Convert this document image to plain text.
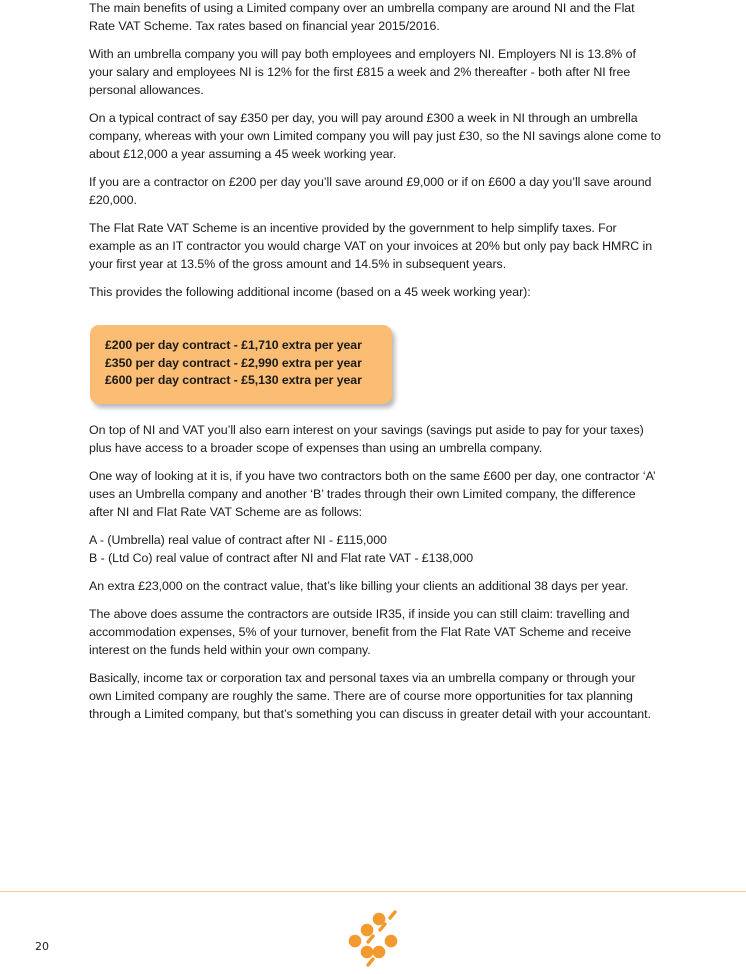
The main benefits of using a Limited company over an umbrella company are around NI and the Flat Rate VAT Scheme. Tax rates based on financial year 2015/2016.

With an umbrella company you will pay both employees and employers NI. Employers NI is 13.8% of your salary and employees NI is 12% for the first £815 a week and 2% thereafter - both after NI free personal allowances.

On a typical contract of say £350 per day, you will pay around £300 a week in NI through an umbrella company, whereas with your own Limited company you will pay just £30, so the NI savings alone come to about £12,000 a year assuming a 45 week working year.

If you are a contractor on £200 per day you’ll save around £9,000 or if on £600 a day you’ll save around £20,000.

The Flat Rate VAT Scheme is an incentive provided by the government to help simplify taxes. For example as an IT contractor you would charge VAT on your invoices at 20% but only pay back HMRC in your first year at 13.5% of the gross amount and 14.5% in subsequent years.

This provides the following additional income (based on a 45 week working year):

£200 per day contract - £1,710 extra per year
£350 per day contract - £2,990 extra per year
£600 per day contract - £5,130 extra per year

On top of NI and VAT you’ll also earn interest on your savings (savings put aside to pay for your taxes) plus have access to a broader scope of expenses than using an umbrella company.

One way of looking at it is, if you have two contractors both on the same £600 per day, one contractor ‘A’ uses an Umbrella company and another ‘B’ trades through their own Limited company, the difference after NI and Flat Rate VAT Scheme are as follows:

A - (Umbrella) real value of contract after NI - £115,000
B - (Ltd Co) real value of contract after NI and Flat rate VAT - £138,000

An extra £23,000 on the contract value, that’s like billing your clients an additional 38 days per year.

The above does assume the contractors are outside IR35, if inside you can still claim: travelling and accommodation expenses, 5% of your turnover, benefit from the Flat Rate VAT Scheme and receive interest on the funds held within your own company.

Basically, income tax or corporation tax and personal taxes via an umbrella company or through your own Limited company are roughly the same. There are of course more opportunities for tax planning through a Limited company, but that’s something you can discuss in greater detail with your accountant.

20
